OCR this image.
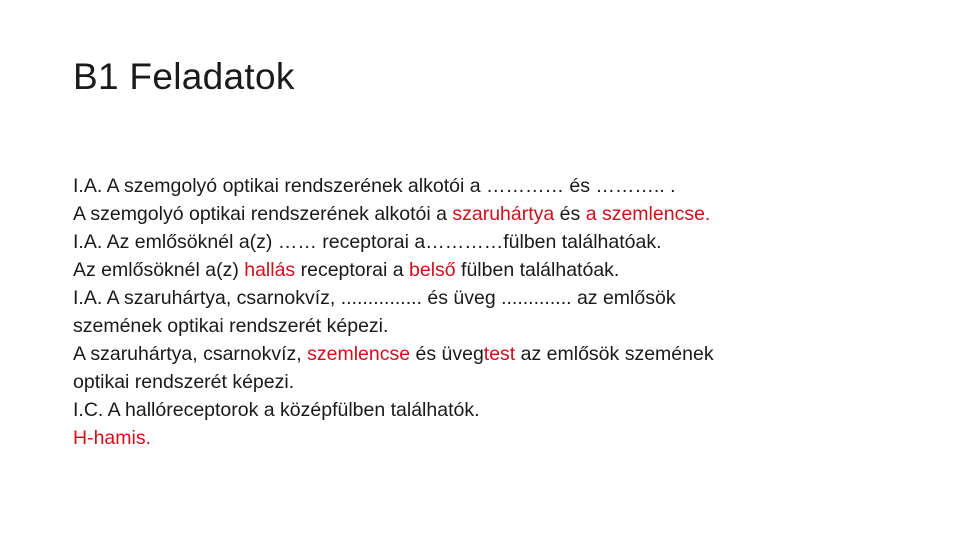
B1 Feladatok
I.A. A szemgolyó optikai rendszerének alkotói a ………… és ……….. .
A szemgolyó optikai rendszerének alkotói a szaruhártya és a szemlencse.
I.A. Az emlősöknél a(z) …… receptorai a…………fülben találhatóak.
Az emlősöknél a(z) hallás receptorai a belső fülben találhatóak.
I.A. A szaruhártya, csarnokvíz, ............... és üveg ............. az emlősök
szemének optikai rendszerét képezi.
A szaruhártya, csarnokvíz, szemlencse és üvegtest az emlősök szemének
optikai rendszerét képezi.
I.C. A hallóreceptorok a középfülben találhatók.
H-hamis.
